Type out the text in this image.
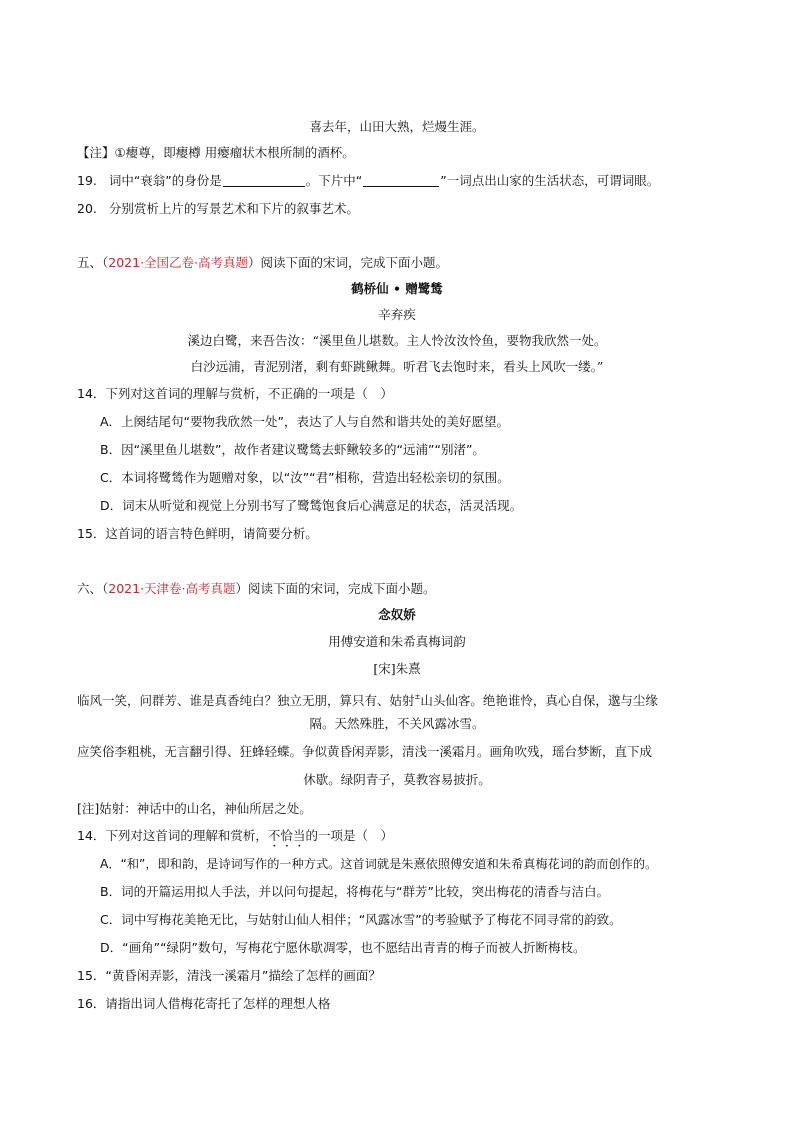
喜去年，山田大熟，烂熳生涯。
【注】①瘿尊，即瘿樽 用瘿瘤状木根所制的酒杯。
19. 词中“衰翁”的身份是	。下片中“	”一词点出山家的生活状态，可谓词眼。
20. 分别赏析上片的写景艺术和下片的叙事艺术。
五、（2021·全国乙卷·高考真题）阅读下面的宋词，完成下面小题。
鹤桥仙 • 赠鹭鸶
辛弃疾
溪边白鹭，来吾告汝：“溪里鱼儿堪数。主人怜汝汝怜鱼，要物我欣然一处。
白沙远浦，青泥别渚，剩有虾跳鳅舞。听君飞去饱时来，看头上风吹一缕。”
14．下列对这首词的理解与赏析，不正确的一项是（　）
A．上阕结尾句“要物我欣然一处”，表达了人与自然和谐共处的美好愿望。
B．因“溪里鱼儿堪数”，故作者建议鹭鸶去虾鳅较多的“远浦”“别渚”。
C．本词将鹭鸶作为题赠对象，以“汝”“君”相称，营造出轻松亲切的氛围。
D．词末从听觉和视觉上分别书写了鹭鸶饱食后心满意足的状态，活灵活现。
15．这首词的语言特色鲜明，请简要分析。
六、（2021·天津卷·高考真题）阅读下面的宋词，完成下面小题。
念奴娇
用傅安道和朱希真梅词韵
[宋]朱熹
临风一笑，问群芳、谁是真香纯白？独立无朋，算只有、姑射±山头仙客。绝艳谁怜，真心自保，邈与尘缘
隔。天然殊胜，不关风露冰雪。
应笑俗李粗桃，无言翻引得、狂蜂轻蝶。争似黄昏闲弄影，清浅一溪霜月。画角吹残，瑶台梦断，直下成
休歇。绿阴青子，莫教容易披折。
[注]姑射：神话中的山名，神仙所居之处。
14．下列对这首词的理解和赏析，不恰当的一项是（　）
A．“和”，即和韵，是诗词写作的一种方式。这首词就是朱熹依照傅安道和朱希真梅花词的韵而创作的。
B．词的开篇运用拟人手法，并以问句提起，将梅花与“群芳”比较，突出梅花的清香与洁白。
C．词中写梅花美艳无比，与姑射山仙人相伴；“风露冰雪”的考验赋予了梅花不同寻常的韵致。
D．“画角”“绿阴”数句，写梅花宁愿休歇凋零，也不愿结出青青的梅子而被人折断梅枝。
15．“黄昏闲弄影，清浅一溪霜月”描绘了怎样的画面？
16．请指出词人借梅花寄托了怎样的理想人格
